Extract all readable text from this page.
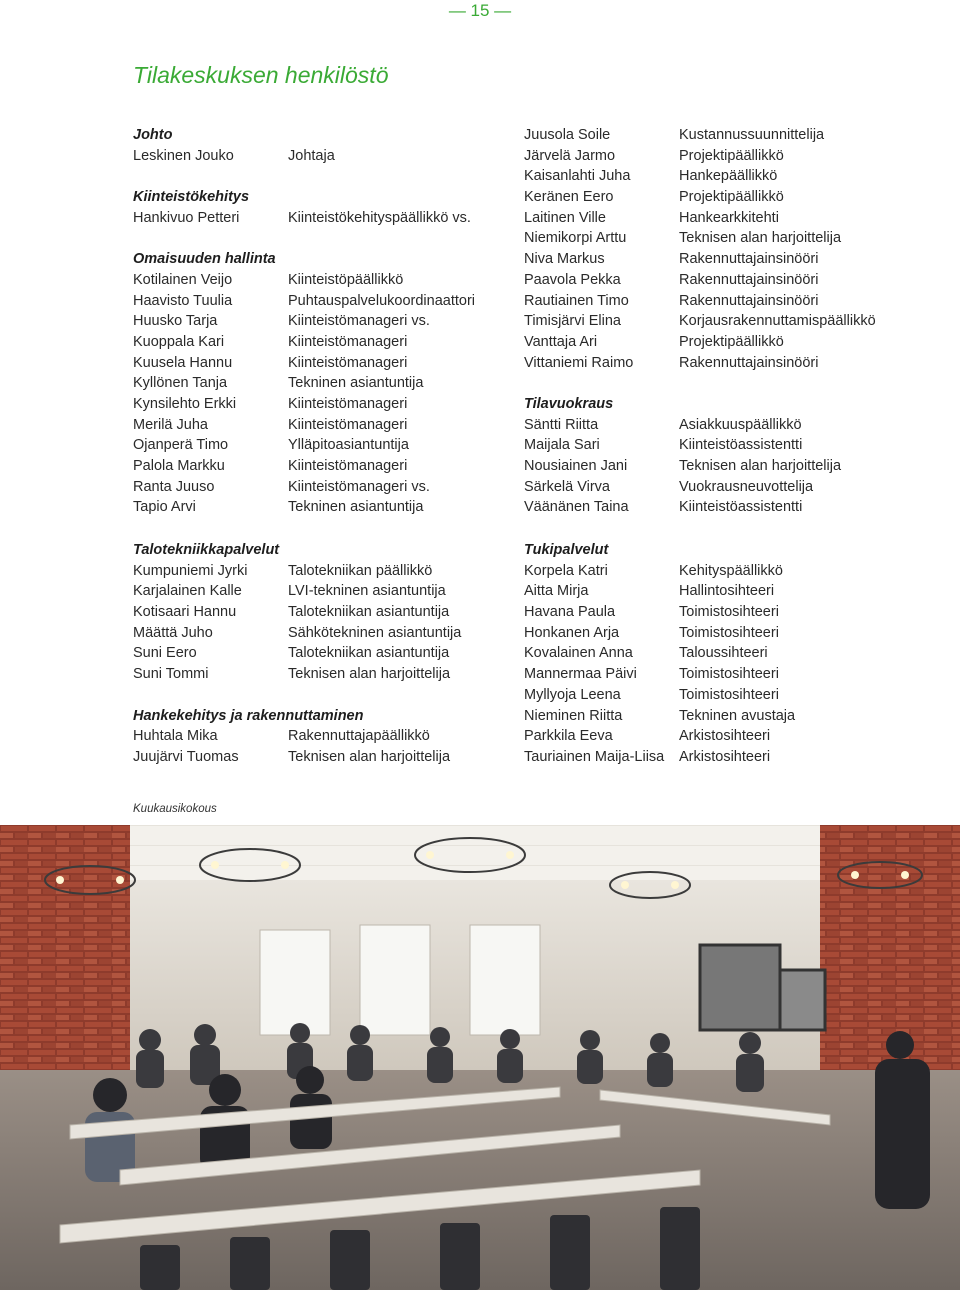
— 15 —
Tilakeskuksen henkilöstö
Johto
Leskinen Jouko	Johtaja
Kiinteistökehitys
Hankivuo Petteri	Kiinteistökehityspäällikkö vs.
Omaisuuden hallinta
Kotilainen Veijo	Kiinteistöpäällikkö
Haavisto Tuulia	Puhtauspalvelukoordinaattori
Huusko Tarja	Kiinteistömanageri vs.
Kuoppala Kari	Kiinteistömanageri
Kuusela Hannu	Kiinteistömanageri
Kyllönen Tanja	Tekninen asiantuntija
Kynsilehto Erkki	Kiinteistömanageri
Merilä Juha	Kiinteistömanageri
Ojanperä Timo	Ylläpitoasiantuntija
Palola Markku	Kiinteistömanageri
Ranta Juuso	Kiinteistömanageri vs.
Tapio Arvi	Tekninen asiantuntija
Juusola Soile	Kustannussuunnittelija
Järvelä Jarmo	Projektipäällikkö
Kaisanlahti Juha	Hankepäällikkö
Keränen Eero	Projektipäällikkö
Laitinen Ville	Hankearkkitehti
Niemikorpi Arttu	Teknisen alan harjoittelija
Niva Markus	Rakennuttajainsinööri
Paavola Pekka	Rakennuttajainsinööri
Rautiainen Timo	Rakennuttajainsinööri
Timisjärvi Elina	Korjausrakennuttamispäällikkö
Vanttaja Ari	Projektipäällikkö
Vittaniemi Raimo	Rakennuttajainsinööri
Tilavuokraus
Säntti Riitta	Asiakkuuspäällikkö
Maijala Sari	Kiinteistöassistentti
Nousiainen Jani	Teknisen alan harjoittelija
Särkelä Virva	Vuokrausneuvottelija
Väänänen Taina	Kiinteistöassistentti
Talotekniikkapalvelut
Kumpuniemi Jyrki	Talotekniikan päällikkö
Karjalainen Kalle	LVI-tekninen asiantuntija
Kotisaari Hannu	Talotekniikan asiantuntija
Määttä Juho	Sähkötekninen asiantuntija
Suni Eero	Talotekniikan asiantuntija
Suni Tommi	Teknisen alan harjoittelija
Hankekehitys ja rakennuttaminen
Huhtala Mika	Rakennuttajapäällikkö
Juujärvi Tuomas	Teknisen alan harjoittelija
Tukipalvelut
Korpela Katri	Kehityspäällikkö
Aitta Mirja	Hallintosihteeri
Havana Paula	Toimistosihteeri
Honkanen Arja	Toimistosihteeri
Kovalainen Anna	Taloussihteeri
Mannermaa Päivi	Toimistosihteeri
Myllyoja Leena	Toimistosihteeri
Nieminen Riitta	Tekninen avustaja
Parkkila Eeva	Arkistosihteeri
Tauriainen Maija-Liisa Arkistosihteeri
Kuukausikokous
